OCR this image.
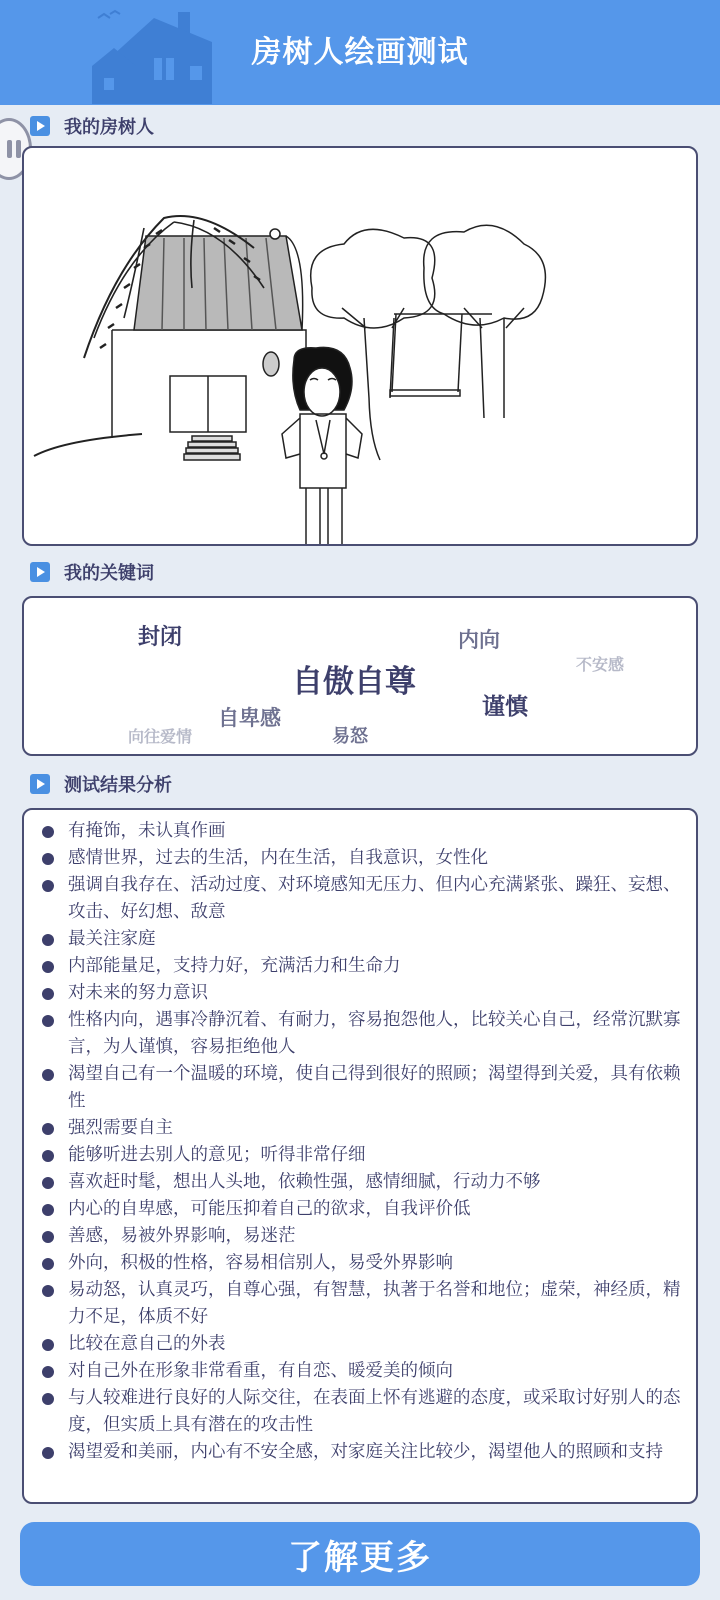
房树人绘画测试
我的房树人
我的关键词
封闭	内向
不安感
自傲自尊
谨慎
自卑感
向往爱情	易怒
测试结果分析
有掩饰，未认真作画
感情世界，过去的生活，内在生活，自我意识，女性化
强调自我存在、活动过度、对环境感知无压力、但内心充满紧张、躁狂、妄想、攻击、好幻想、敌意
最关注家庭
内部能量足，支持力好，充满活力和生命力
对未来的努力意识
性格内向，遇事冷静沉着、有耐力，容易抱怨他人，比较关心自己，经常沉默寡言，为人谨慎，容易拒绝他人
渴望自己有一个温暖的环境，使自己得到很好的照顾；渴望得到关爱，具有依赖性
强烈需要自主
能够听进去别人的意见；听得非常仔细
喜欢赶时髦，想出人头地，依赖性强，感情细腻，行动力不够
内心的自卑感，可能压抑着自己的欲求，自我评价低
善感，易被外界影响，易迷茫
外向，积极的性格，容易相信别人，易受外界影响
易动怒，认真灵巧，自尊心强，有智慧，执著于名誉和地位；虚荣，神经质，精力不足，体质不好
比较在意自己的外表
对自己外在形象非常看重，有自恋、暖爱美的倾向
与人较难进行良好的人际交往，在表面上怀有逃避的态度，或采取讨好别人的态度，但实质上具有潜在的攻击性
渴望爱和美丽，内心有不安全感，对家庭关注比较少，渴望他人的照顾和支持
了解更多
